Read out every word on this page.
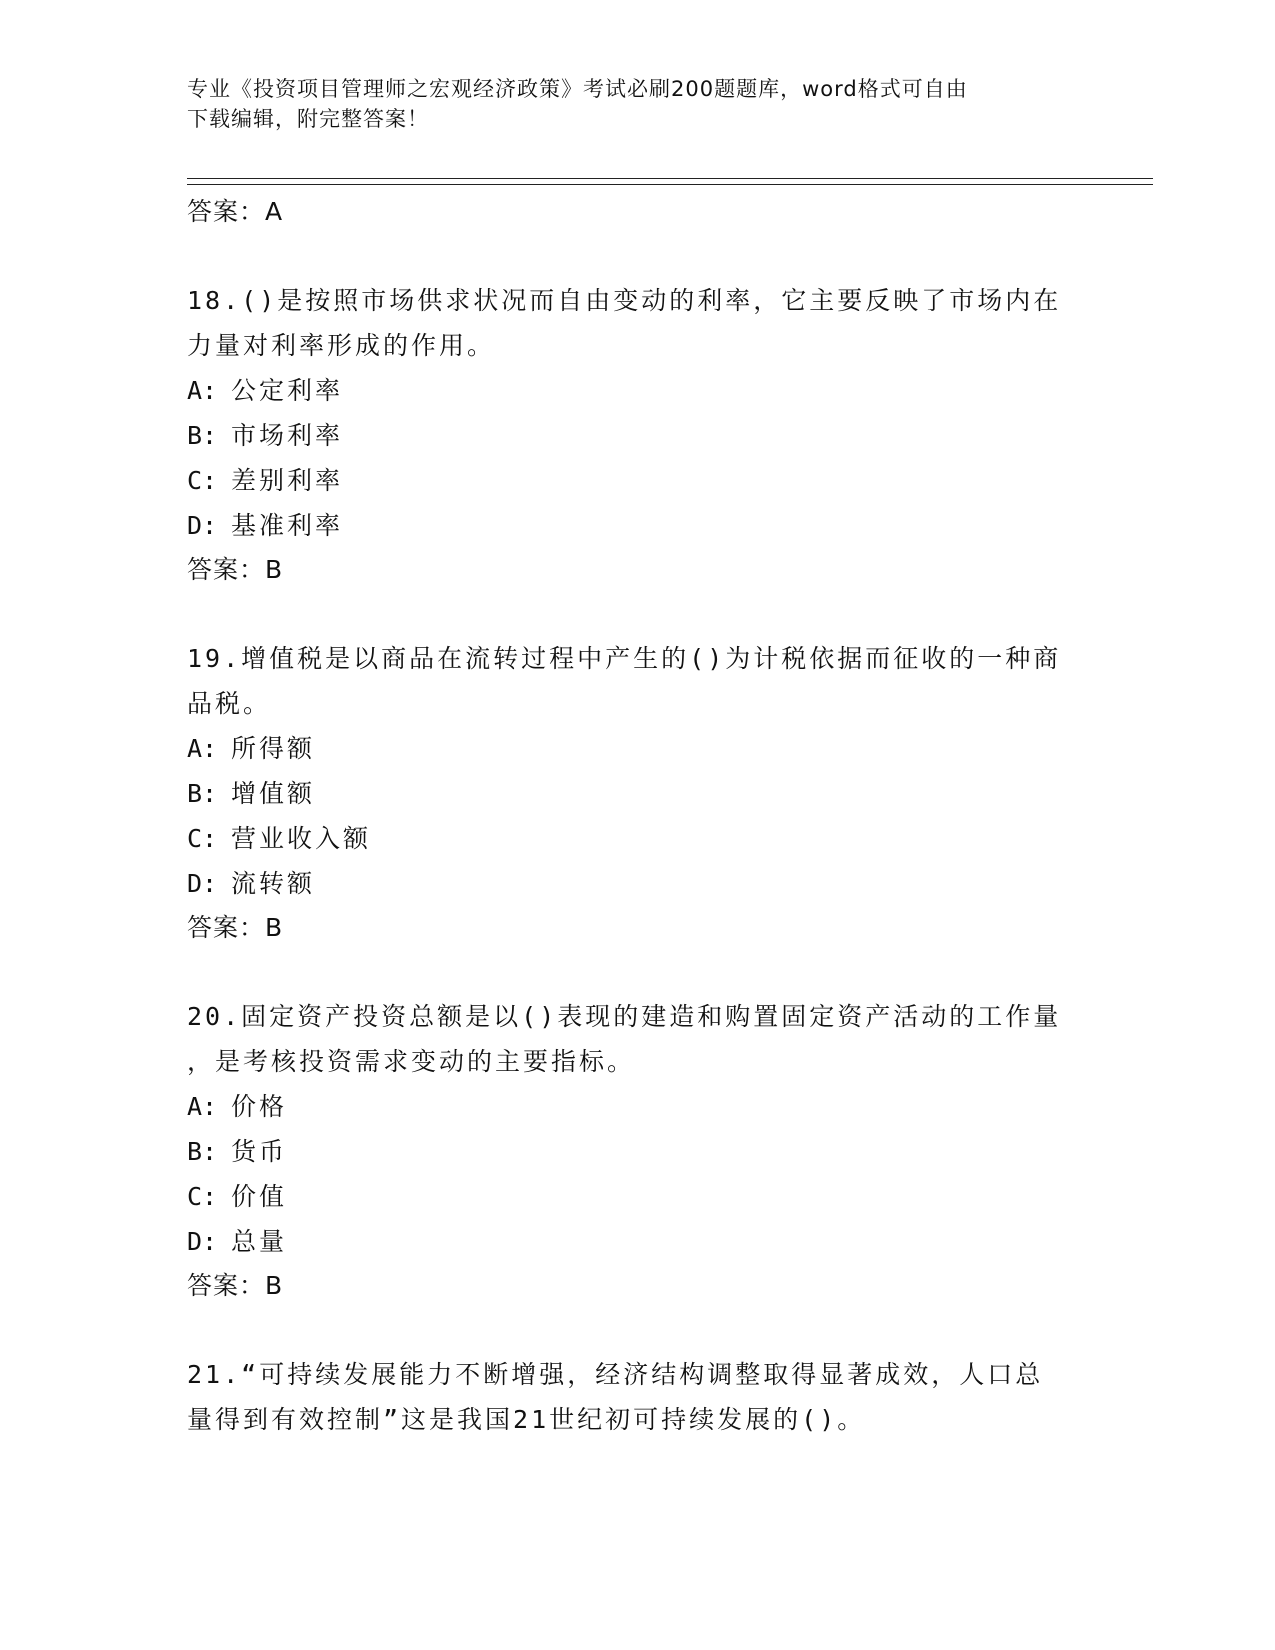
专业《投资项目管理师之宏观经济政策》考试必刷200题题库，word格式可自由
下载编辑，附完整答案！
答案：A
18.()是按照市场供求状况而自由变动的利率，它主要反映了市场内在
力量对利率形成的作用。
A: 公定利率
B: 市场利率
C: 差别利率
D: 基准利率
答案：B
19.增值税是以商品在流转过程中产生的()为计税依据而征收的一种商
品税。
A: 所得额
B: 增值额
C: 营业收入额
D: 流转额
答案：B
20.固定资产投资总额是以()表现的建造和购置固定资产活动的工作量
，是考核投资需求变动的主要指标。
A: 价格
B: 货币
C: 价值
D: 总量
答案：B
21.“可持续发展能力不断增强，经济结构调整取得显著成效，人口总
量得到有效控制”这是我国21世纪初可持续发展的()。
